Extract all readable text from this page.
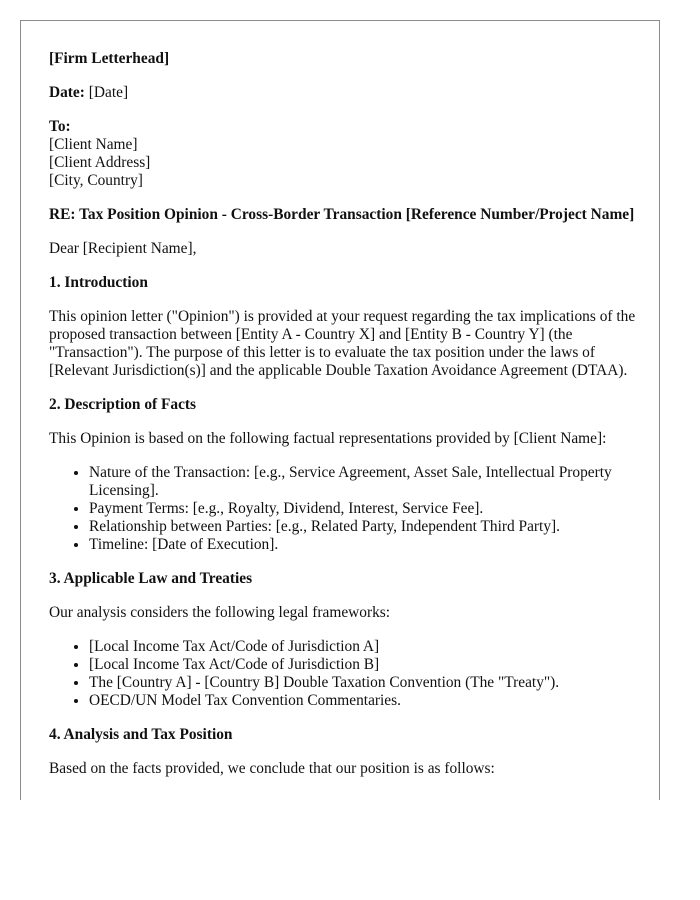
[Firm Letterhead]

Date: [Date]

To:
[Client Name]
[Client Address]
[City, Country]

RE: Tax Position Opinion - Cross-Border Transaction [Reference Number/Project Name]

Dear [Recipient Name],

1. Introduction

This opinion letter ("Opinion") is provided at your request regarding the tax implications of the proposed transaction between [Entity A - Country X] and [Entity B - Country Y] (the "Transaction"). The purpose of this letter is to evaluate the tax position under the laws of [Relevant Jurisdiction(s)] and the applicable Double Taxation Avoidance Agreement (DTAA).

2. Description of Facts

This Opinion is based on the following factual representations provided by [Client Name]:

• Nature of the Transaction: [e.g., Service Agreement, Asset Sale, Intellectual Property Licensing].
• Payment Terms: [e.g., Royalty, Dividend, Interest, Service Fee].
• Relationship between Parties: [e.g., Related Party, Independent Third Party].
• Timeline: [Date of Execution].
3. Applicable Law and Treaties

Our analysis considers the following legal frameworks:

• [Local Income Tax Act/Code of Jurisdiction A]
• [Local Income Tax Act/Code of Jurisdiction B]
• The [Country A] - [Country B] Double Taxation Convention (The "Treaty").
• OECD/UN Model Tax Convention Commentaries.
4. Analysis and Tax Position

Based on the facts provided, we conclude that our position is as follows:
